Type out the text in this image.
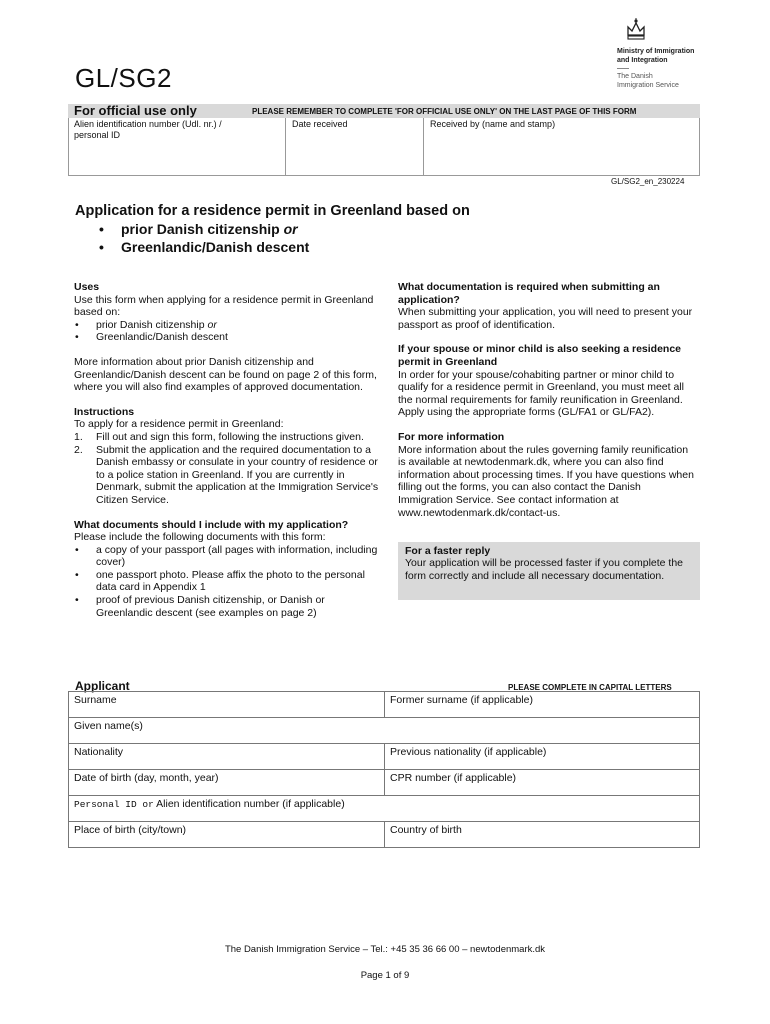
Ministry of Immigration
and Integration
The Danish
Immigration Service
GL/SG2
For official use only	PLEASE REMEMBER TO COMPLETE 'FOR OFFICIAL USE ONLY' ON THE LAST PAGE OF THIS FORM
Alien identification number (Udl. nr.) / personal ID
Date received	Received by (name and stamp)
GL/SG2_en_230224
Application for a residence permit in Greenland based on
• prior Danish citizenship or
• Greenlandic/Danish descent

Uses

Use this form when applying for a residence permit in Greenland based on:

• prior Danish citizenship or

• Greenlandic/Danish descent

More information about prior Danish citizenship and Greenlandic/Danish descent can be found on page 2 of this form, where you will also find examples of approved documentation.

Instructions

To apply for a residence permit in Greenland:

1. Fill out and sign this form, following the instructions given.

2. Submit the application and the required documentation to a Danish embassy or consulate in your country of residence or to a police station in Greenland. If you are currently in Denmark, submit the application at the Immigration Service's Citizen Service.

What documents should I include with my application?

Please include the following documents with this form:

• a copy of your passport (all pages with information, including cover)

• one passport photo. Please affix the photo to the personal data card in Appendix 1

• proof of previous Danish citizenship, or Danish or Greenlandic descent (see examples on page 2)

What documentation is required when submitting an application?

When submitting your application, you will need to present your passport as proof of identification.

If your spouse or minor child is also seeking a residence permit in Greenland

In order for your spouse/cohabiting partner or minor child to qualify for a residence permit in Greenland, you must meet all the normal requirements for family reunification in Greenland. Apply using the appropriate forms (GL/FA1 or GL/FA2).

For more information

More information about the rules governing family reunification is available at newtodenmark.dk, where you can also find information about processing times. If you have questions when filling out the forms, you can also contact the Danish Immigration Service. See contact information at www.newtodenmark.dk/contact-us.

For a faster reply

Your application will be processed faster if you complete the form correctly and include all necessary documentation.

Applicant	PLEASE COMPLETE IN CAPITAL LETTERS
Surname	Former surname (if applicable)
Given name(s)	
Nationality	Previous nationality (if applicable)
Date of birth (day, month, year)	CPR number (if applicable)
Personal ID or Alien identification number (if applicable)	
Place of birth (city/town)	Country of birth
The Danish Immigration Service – Tel.: +45 35 36 66 00 – newtodenmark.dk
Page 1 of 9
